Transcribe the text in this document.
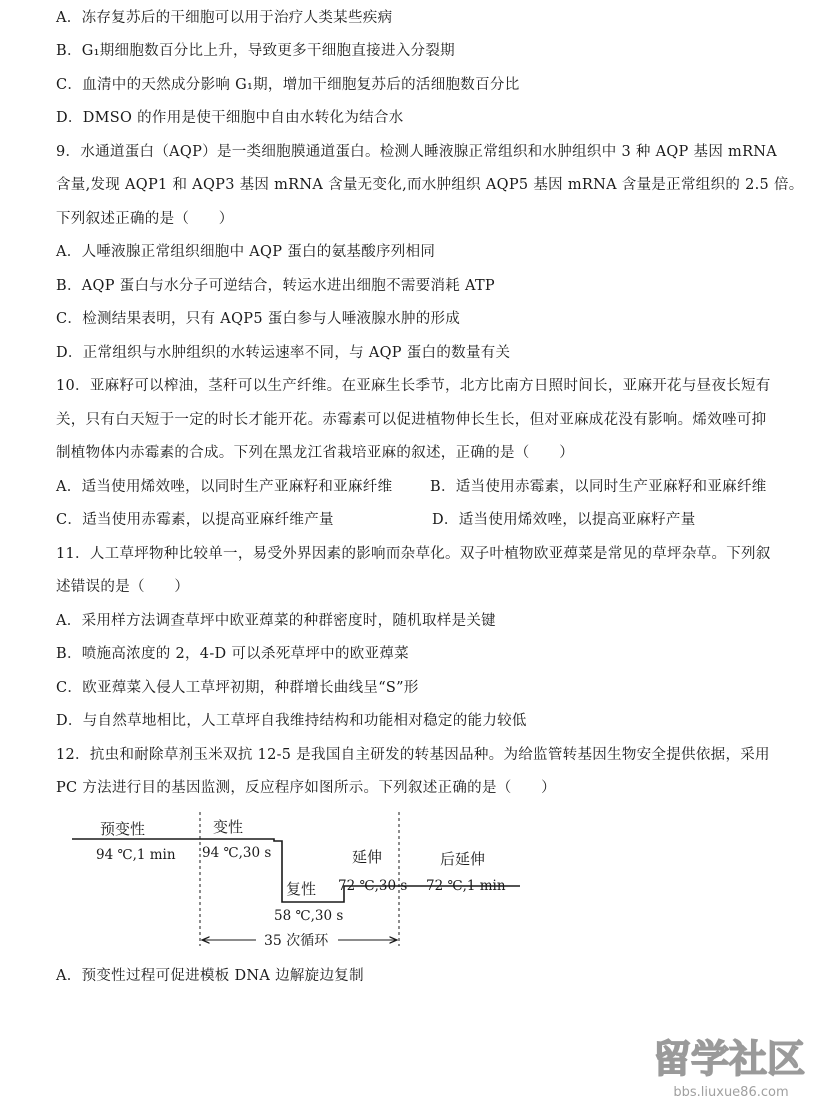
A．冻存复苏后的干细胞可以用于治疗人类某些疾病
B．G₁期细胞数百分比上升，导致更多干细胞直接进入分裂期
C．血清中的天然成分影响 G₁期，增加干细胞复苏后的活细胞数百分比
D．DMSO 的作用是使干细胞中自由水转化为结合水
9．水通道蛋白（AQP）是一类细胞膜通道蛋白。检测人睡液腺正常组织和水肿组织中 3 种 AQP 基因 mRNA
含量,发现 AQP1 和 AQP3 基因 mRNA 含量无变化,而水肿组织 AQP5 基因 mRNA 含量是正常组织的 2.5 倍。
下列叙述正确的是（　　）
A．人唾液腺正常组织细胞中 AQP 蛋白的氨基酸序列相同
B．AQP 蛋白与水分子可逆结合，转运水进出细胞不需要消耗 ATP
C．检测结果表明，只有 AQP5 蛋白参与人唾液腺水肿的形成
D．正常组织与水肿组织的水转运速率不同，与 AQP 蛋白的数量有关
10．亚麻籽可以榨油，茎秆可以生产纤维。在亚麻生长季节，北方比南方日照时间长，亚麻开花与昼夜长短有
关，只有白天短于一定的时长才能开花。赤霉素可以促进植物伸长生长，但对亚麻成花没有影响。烯效唑可抑
制植物体内赤霉素的合成。下列在黑龙江省栽培亚麻的叙述，正确的是（　　）
A．适当使用烯效唑，以同时生产亚麻籽和亚麻纤维	B．适当使用赤霉素，以同时生产亚麻籽和亚麻纤维
C．适当使用赤霉素，以提高亚麻纤维产量	D．适当使用烯效唑，以提高亚麻籽产量
11．人工草坪物种比较单一，易受外界因素的影响而杂草化。双子叶植物欧亚蔊菜是常见的草坪杂草。下列叙
述错误的是（　　）
A．采用样方法调查草坪中欧亚蔊菜的种群密度时，随机取样是关键
B．喷施高浓度的 2，4-D 可以杀死草坪中的欧亚蔊菜
C．欧亚蔊菜入侵人工草坪初期，种群增长曲线呈“S”形
D．与自然草地相比，人工草坪自我维持结构和功能相对稳定的能力较低
12．抗虫和耐除草剂玉米双抗 12-5 是我国自主研发的转基因品种。为给监管转基因生物安全提供依据，采用
PC 方法进行目的基因监测，反应程序如图所示。下列叙述正确的是（　　）
预变性
94 ℃,1 min
变性
94 ℃,30 s
复性
58 ℃,30 s
延伸
72 ℃,30 s
后延伸
72 ℃,1 min
35 次循环
A．预变性过程可促进模板 DNA 边解旋边复制
留学社区
bbs.liuxue86.com
